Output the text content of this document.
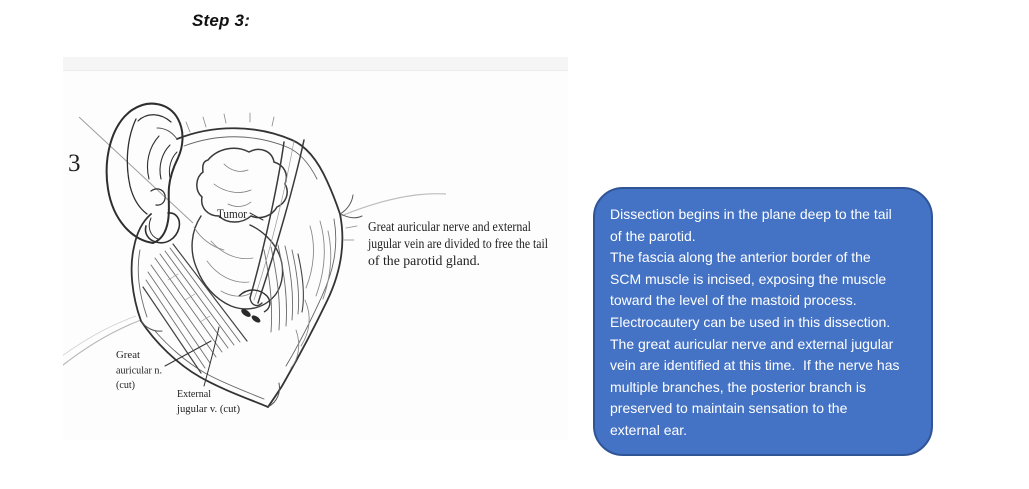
Step 3:
3
Tumor
Great auricular nerve and external
jugular vein are divided to free the tail
of the parotid gland.
Great
auricular n.
(cut)
External
jugular v. (cut)
Dissection begins in the plane deep to the tail
of the parotid.
The fascia along the anterior border of the
SCM muscle is incised, exposing the muscle
toward the level of the mastoid process.
Electrocautery can be used in this dissection.
The great auricular nerve and external jugular
vein are identified at this time.  If the nerve has
multiple branches, the posterior branch is
preserved to maintain sensation to the
external ear.
